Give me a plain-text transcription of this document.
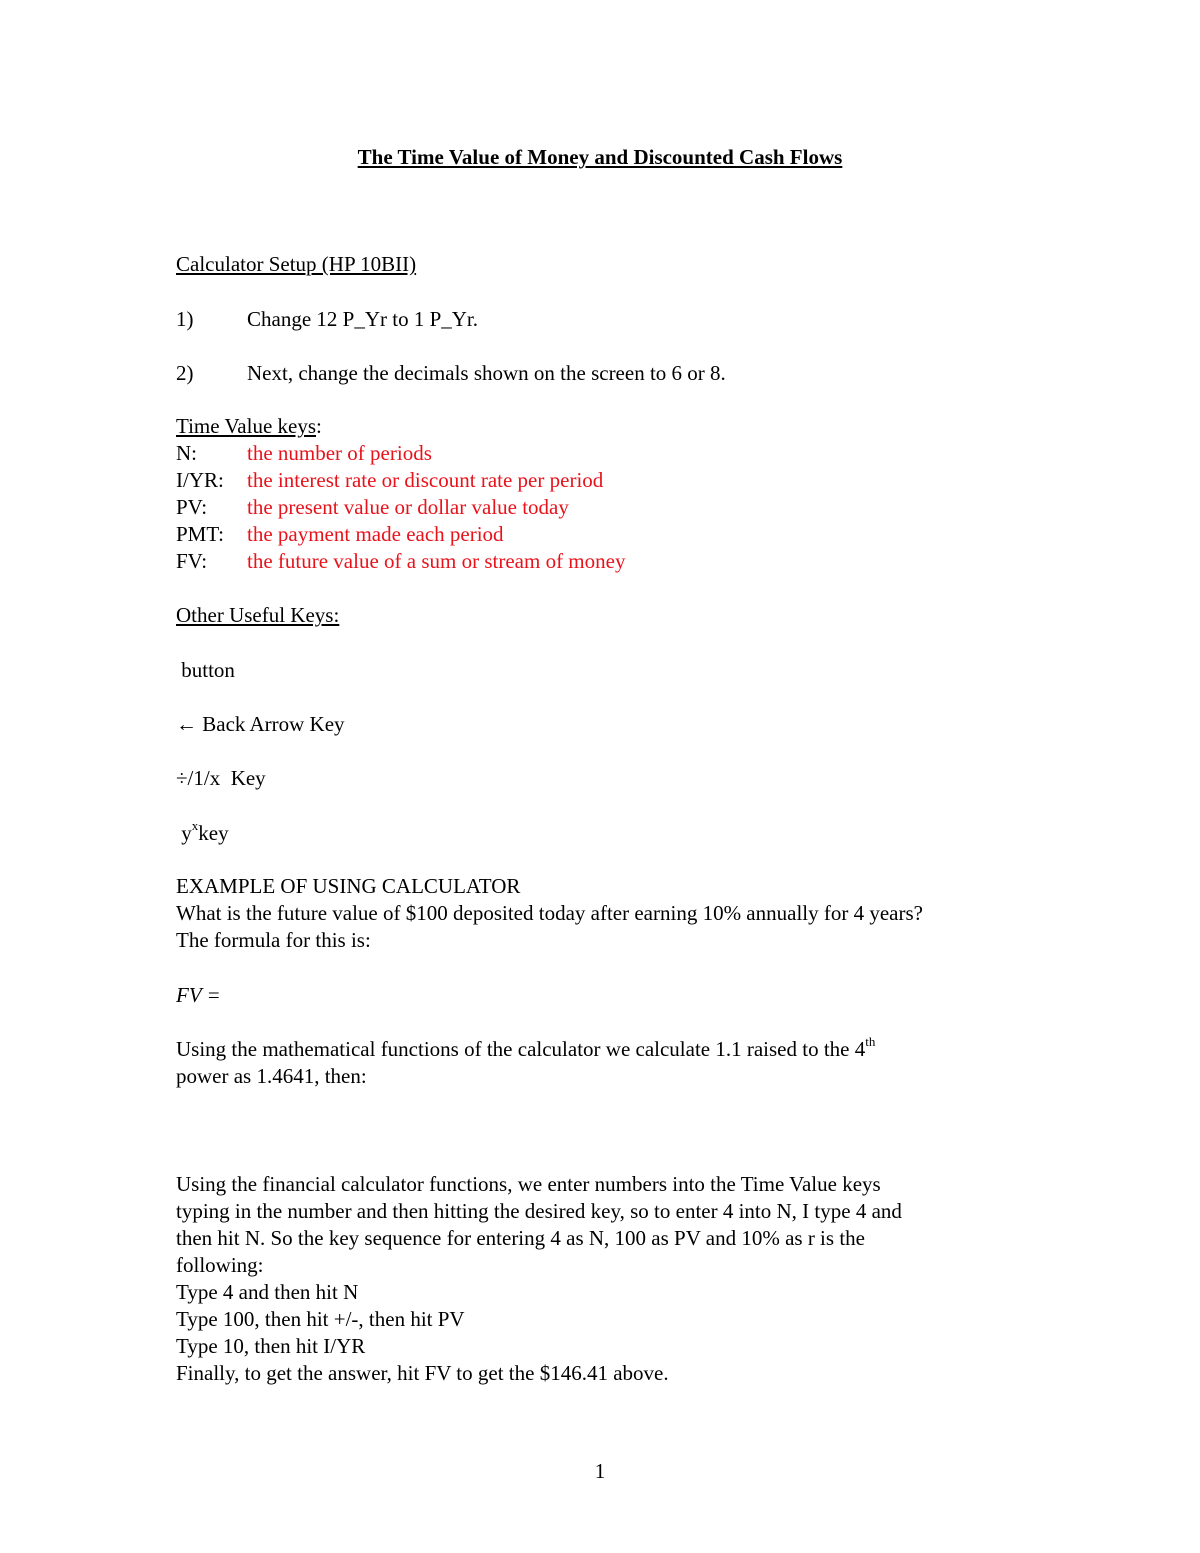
The Time Value of Money and Discounted Cash Flows
Calculator Setup (HP 10BII)
1)	Change 12 P_Yr to 1 P_Yr.
2)	Next, change the decimals shown on the screen to 6 or 8.
Time Value keys:
N: the number of periods
I/YR: the interest rate or discount rate per period
PV: the present value or dollar value today
PMT: the payment made each period
FV: the future value of a sum or stream of money
Other Useful Keys:
button
← Back Arrow Key
÷/1/x  Key
$y^xkey$
EXAMPLE OF USING CALCULATOR
What is the future value of $100 deposited today after earning 10% annually for 4 years?
The formula for this is:
FV =
Using the mathematical functions of the calculator we calculate 1.1 raised to the 4th
power as 1.4641, then:
Using the financial calculator functions, we enter numbers into the Time Value keys
typing in the number and then hitting the desired key, so to enter 4 into N, I type 4 and
then hit N. So the key sequence for entering 4 as N, 100 as PV and 10% as r is the
following:
Type 4 and then hit N
Type 100, then hit +/-, then hit PV
Type 10, then hit I/YR
Finally, to get the answer, hit FV to get the $146.41 above.
1
